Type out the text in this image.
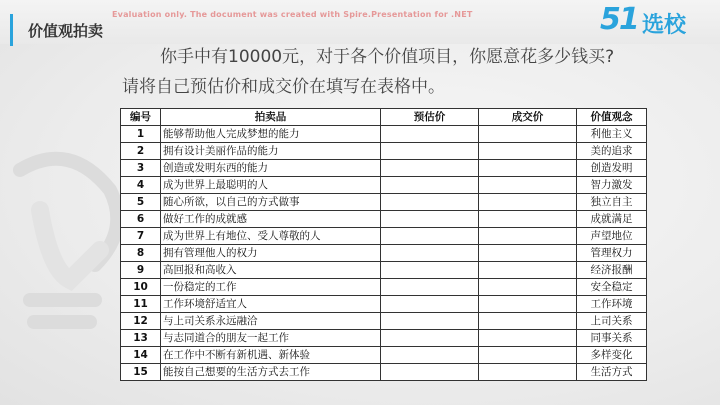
价值观拍卖
Evaluation only. The document was created with Spire.Presentation for .NET	51 选校
你手中有10000元，对于各个价值项目，你愿意花多少钱买?
请将自己预估价和成交价在填写在表格中。
编号	拍卖品	预估价	成交价	价值观念
1	能够帮助他人完成梦想的能力			利他主义
2	拥有设计美丽作品的能力			美的追求
3	创造或发明东西的能力			创造发明
4	成为世界上最聪明的人			智力激发
5	随心所欲，以自己的方式做事			独立自主
6	做好工作的成就感			成就满足
7	成为世界上有地位、受人尊敬的人			声望地位
8	拥有管理他人的权力			管理权力
9	高回报和高收入			经济报酬
10	一份稳定的工作			安全稳定
11	工作环境舒适宜人			工作环境
12	与上司关系永远融洽			上司关系
13	与志同道合的朋友一起工作			同事关系
14	在工作中不断有新机遇、新体验			多样变化
15	能按自己想要的生活方式去工作			生活方式
